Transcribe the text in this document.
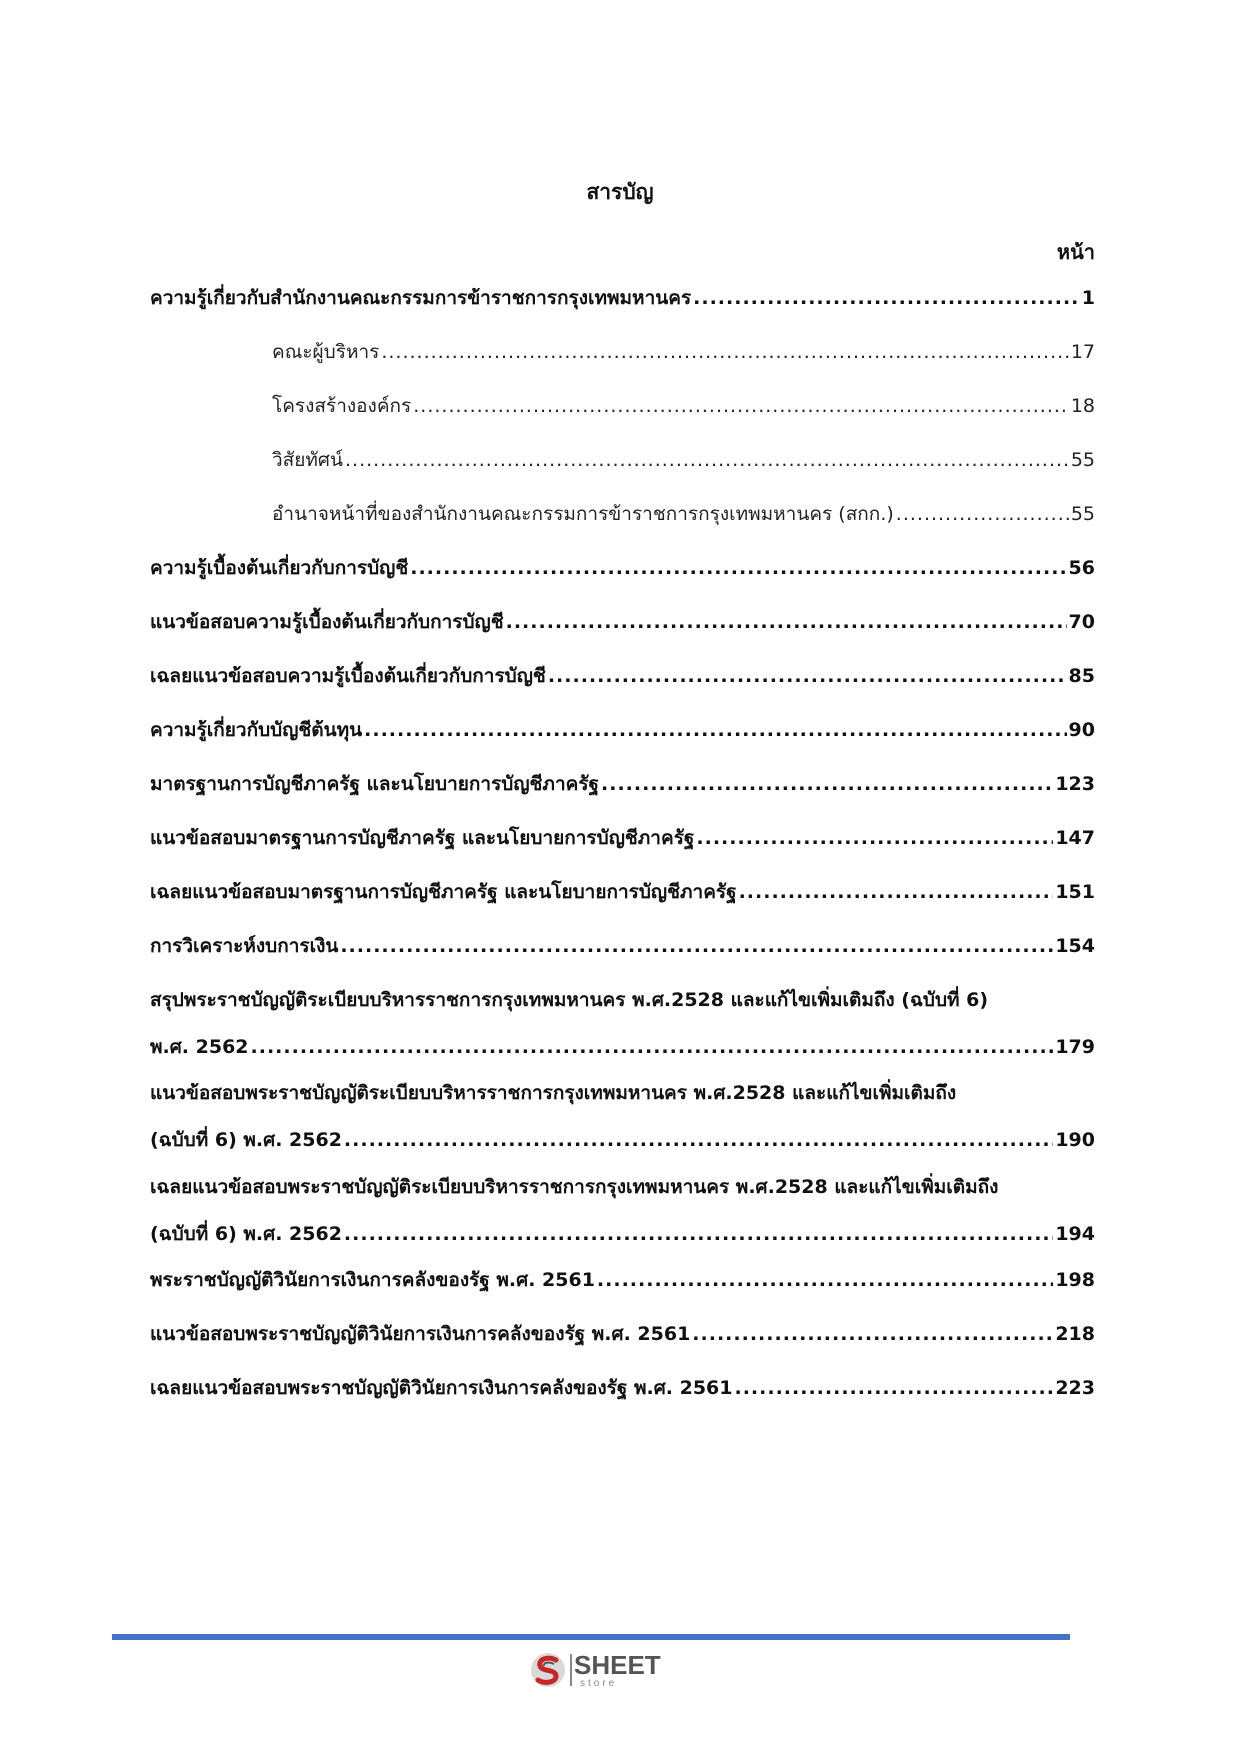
สารบัญ
หน้า
ความรู้เกี่ยวกับสำนักงานคณะกรรมการข้าราชการกรุงเทพมหานคร .....	1
คณะผู้บริหาร .....	17
โครงสร้างองค์กร .....	18
วิสัยทัศน์ .....	55
อำนาจหน้าที่ของสำนักงานคณะกรรมการข้าราชการกรุงเทพมหานคร (สกก.) .....	55
ความรู้เบื้องต้นเกี่ยวกับการบัญชี .....	56
แนวข้อสอบความรู้เบื้องต้นเกี่ยวกับการบัญชี .....	70
เฉลยแนวข้อสอบความรู้เบื้องต้นเกี่ยวกับการบัญชี .....	85
ความรู้เกี่ยวกับบัญชีต้นทุน .....	90
มาตรฐานการบัญชีภาครัฐ และนโยบายการบัญชีภาครัฐ .....	123
แนวข้อสอบมาตรฐานการบัญชีภาครัฐ และนโยบายการบัญชีภาครัฐ .....	147
เฉลยแนวข้อสอบมาตรฐานการบัญชีภาครัฐ และนโยบายการบัญชีภาครัฐ .....	151
การวิเคราะห์งบการเงิน .....	154
สรุปพระราชบัญญัติระเบียบบริหารราชการกรุงเทพมหานคร พ.ศ.2528 และแก้ไขเพิ่มเติมถึง (ฉบับที่ 6)
พ.ศ. 2562 .....	179
แนวข้อสอบพระราชบัญญัติระเบียบบริหารราชการกรุงเทพมหานคร พ.ศ.2528 และแก้ไขเพิ่มเติมถึง
(ฉบับที่ 6) พ.ศ. 2562 .....	190
เฉลยแนวข้อสอบพระราชบัญญัติระเบียบบริหารราชการกรุงเทพมหานคร พ.ศ.2528 และแก้ไขเพิ่มเติมถึง
(ฉบับที่ 6) พ.ศ. 2562 .....	194
พระราชบัญญัติวินัยการเงินการคลังของรัฐ พ.ศ. 2561 .....	198
แนวข้อสอบพระราชบัญญัติวินัยการเงินการคลังของรัฐ พ.ศ. 2561 .....	218
เฉลยแนวข้อสอบพระราชบัญญัติวินัยการเงินการคลังของรัฐ พ.ศ. 2561 .....	223
SHEET
store
